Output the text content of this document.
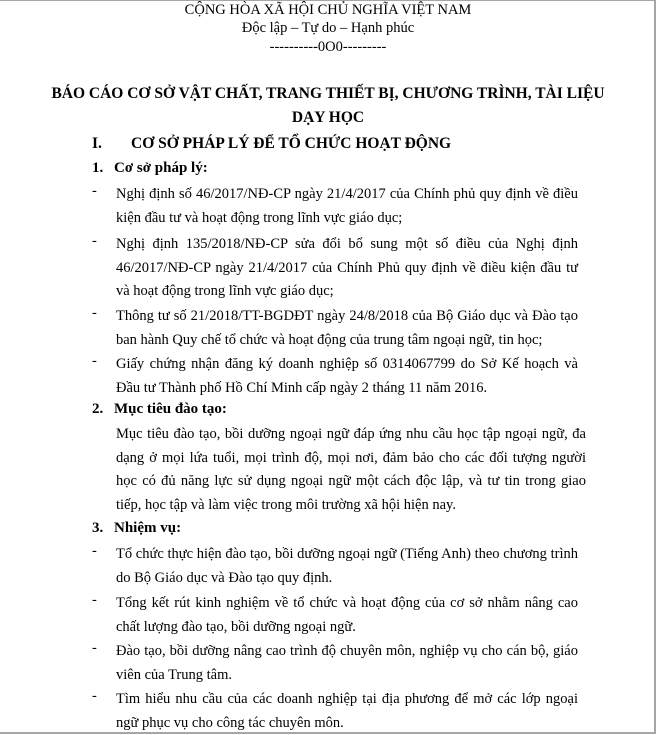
CỘNG HÒA XÃ HỘI CHỦ NGHĨA VIỆT NAM
Độc lập – Tự do – Hạnh phúc
----------0O0---------
BÁO CÁO CƠ SỞ VẬT CHẤT, TRANG THIẾT BỊ, CHƯƠNG TRÌNH, TÀI LIỆU DẠY HỌC
I. CƠ SỞ PHÁP LÝ ĐỂ TỔ CHỨC HOẠT ĐỘNG
1. Cơ sở pháp lý:
- Nghị định số 46/2017/NĐ-CP ngày 21/4/2017 của Chính phủ quy định về điều kiện đầu tư và hoạt động trong lĩnh vực giáo dục;

- Nghị định 135/2018/NĐ-CP sửa đổi bổ sung một số điều của Nghị định 46/2017/NĐ-CP ngày 21/4/2017 của Chính Phủ quy định về điều kiện đầu tư và hoạt động trong lĩnh vực giáo dục;

- Thông tư số 21/2018/TT-BGDĐT ngày 24/8/2018 của Bộ Giáo dục và Đào tạo ban hành Quy chế tổ chức và hoạt động của trung tâm ngoại ngữ, tin học;

- Giấy chứng nhận đăng ký doanh nghiệp số 0314067799 do Sở Kế hoạch và Đầu tư Thành phố Hồ Chí Minh cấp ngày 2 tháng 11 năm 2016.

2. Mục tiêu đào tạo:

Mục tiêu đào tạo, bồi dưỡng ngoại ngữ đáp ứng nhu cầu học tập ngoại ngữ, đa dạng ở mọi lứa tuổi, mọi trình độ, mọi nơi, đảm bảo cho các đối tượng người học có đủ năng lực sử dụng ngoại ngữ một cách độc lập, và tư tin trong giao tiếp, học tập và làm việc trong môi trường xã hội hiện nay.

3. Nhiệm vụ:
- Tổ chức thực hiện đào tạo, bồi dưỡng ngoại ngữ (Tiếng Anh) theo chương trình do Bộ Giáo dục và Đào tạo quy định.

- Tổng kết rút kinh nghiệm về tổ chức và hoạt động của cơ sở nhằm nâng cao chất lượng đào tạo, bồi dưỡng ngoại ngữ.

- Đào tạo, bồi dưỡng nâng cao trình độ chuyên môn, nghiệp vụ cho cán bộ, giáo viên của Trung tâm.

- Tìm hiểu nhu cầu của các doanh nghiệp tại địa phương để mở các lớp ngoại ngữ phục vụ cho công tác chuyên môn.
